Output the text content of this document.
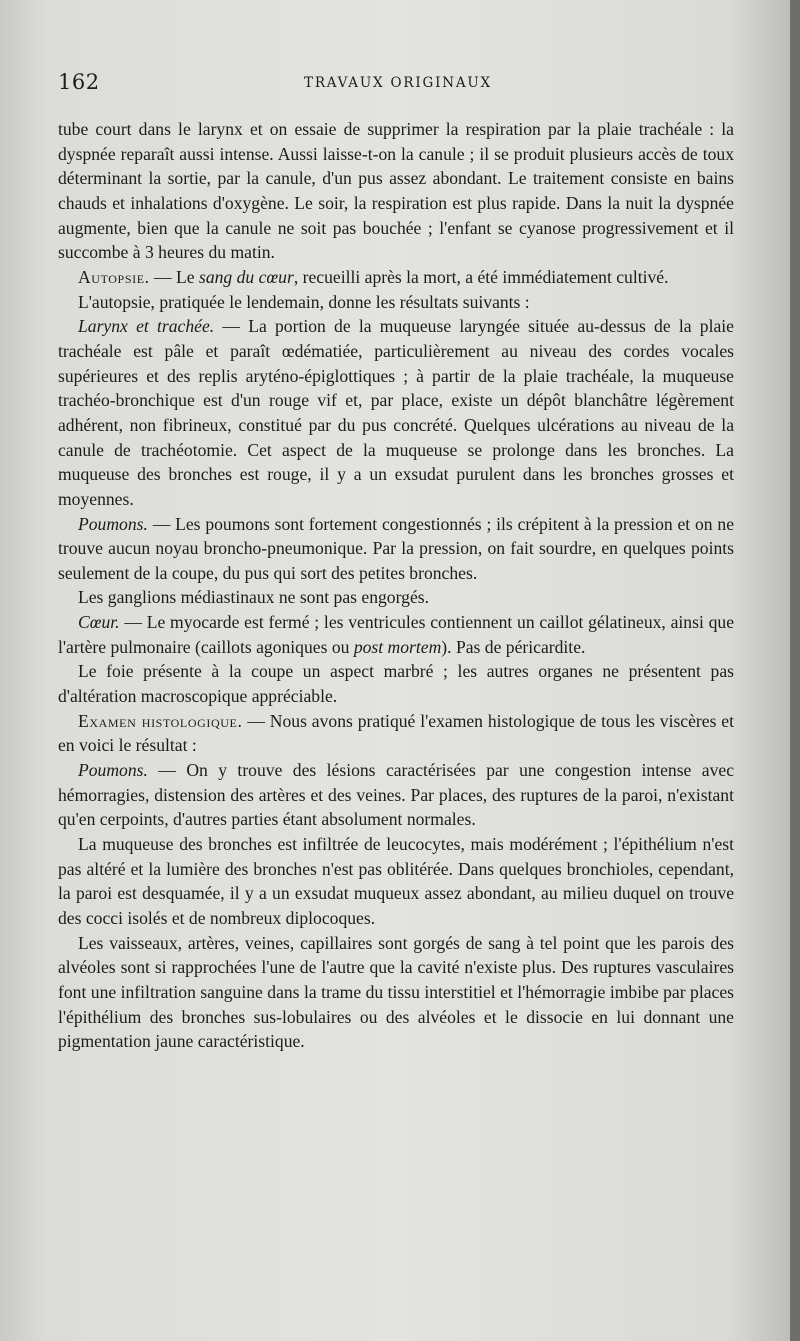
162	TRAVAUX ORIGINAUX

tube court dans le larynx et on essaie de supprimer la respiration par la plaie trachéale : la dyspnée reparaît aussi intense. Aussi laisse-t-on la canule ; il se produit plusieurs accès de toux déterminant la sortie, par la canule, d'un pus assez abondant. Le traitement consiste en bains chauds et inhalations d'oxygène. Le soir, la respiration est plus rapide. Dans la nuit la dyspnée augmente, bien que la canule ne soit pas bouchée ; l'enfant se cyanose progressivement et il succombe à 3 heures du matin.

Autopsie. — Le sang du cœur, recueilli après la mort, a été immédiatement cultivé.

L'autopsie, pratiquée le lendemain, donne les résultats suivants :

Larynx et trachée. — La portion de la muqueuse laryngée située au-dessus de la plaie trachéale est pâle et paraît œdématiée, particulièrement au niveau des cordes vocales supérieures et des replis aryténo-épiglottiques ; à partir de la plaie trachéale, la muqueuse trachéo-bronchique est d'un rouge vif et, par place, existe un dépôt blanchâtre légèrement adhérent, non fibrineux, constitué par du pus concrété. Quelques ulcérations au niveau de la canule de trachéotomie. Cet aspect de la muqueuse se prolonge dans les bronches. La muqueuse des bronches est rouge, il y a un exsudat purulent dans les bronches grosses et moyennes.

Poumons. — Les poumons sont fortement congestionnés ; ils crépitent à la pression et on ne trouve aucun noyau broncho-pneumonique. Par la pression, on fait sourdre, en quelques points seulement de la coupe, du pus qui sort des petites bronches.

Les ganglions médiastinaux ne sont pas engorgés.

Cœur. — Le myocarde est fermé ; les ventricules contiennent un caillot gélatineux, ainsi que l'artère pulmonaire (caillots agoniques ou post mortem). Pas de péricardite.

Le foie présente à la coupe un aspect marbré ; les autres organes ne présentent pas d'altération macroscopique appréciable.

Examen histologique. — Nous avons pratiqué l'examen histologique de tous les viscères et en voici le résultat :

Poumons. — On y trouve des lésions caractérisées par une congestion intense avec hémorragies, distension des artères et des veines. Par places, des ruptures de la paroi, n'existant qu'en cerpoints, d'autres parties étant absolument normales.

La muqueuse des bronches est infiltrée de leucocytes, mais modérément ; l'épithélium n'est pas altéré et la lumière des bronches n'est pas oblitérée. Dans quelques bronchioles, cependant, la paroi est desquamée, il y a un exsudat muqueux assez abondant, au milieu duquel on trouve des cocci isolés et de nombreux diplocoques.

Les vaisseaux, artères, veines, capillaires sont gorgés de sang à tel point que les parois des alvéoles sont si rapprochées l'une de l'autre que la cavité n'existe plus. Des ruptures vasculaires font une infiltration sanguine dans la trame du tissu interstitiel et l'hémorragie imbibe par places l'épithélium des bronches sus-lobulaires ou des alvéoles et le dissocie en lui donnant une pigmentation jaune caractéristique.
